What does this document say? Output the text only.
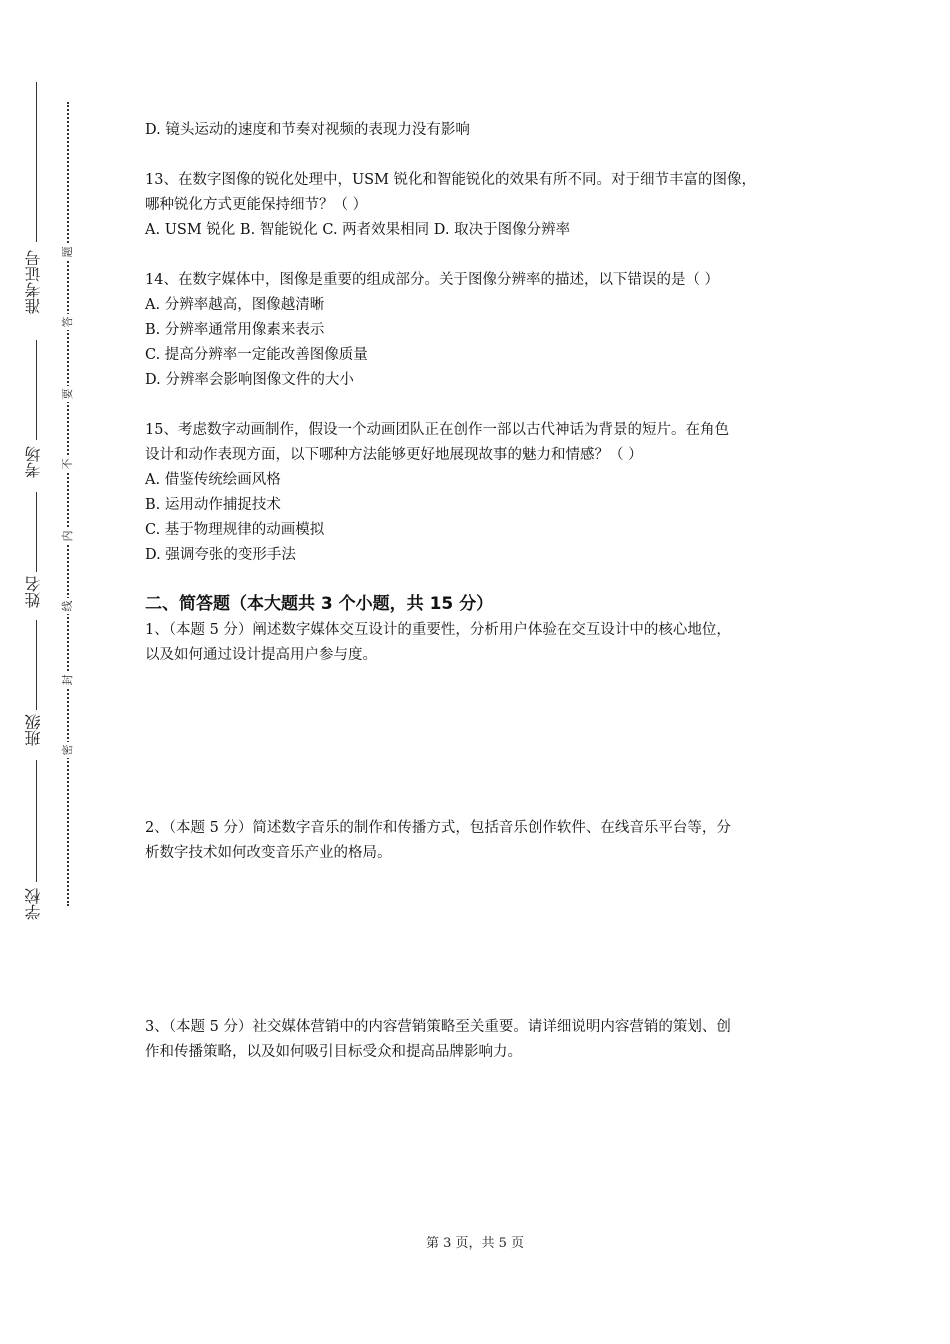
准考证号
考场
姓名
班级
学校
题
答
要
不
内
线
封
密
D. 镜头运动的速度和节奏对视频的表现力没有影响
13、在数字图像的锐化处理中，USM 锐化和智能锐化的效果有所不同。对于细节丰富的图像，
哪种锐化方式更能保持细节？（ ）
A. USM 锐化 B. 智能锐化 C. 两者效果相同 D. 取决于图像分辨率
14、在数字媒体中，图像是重要的组成部分。关于图像分辨率的描述，以下错误的是（ ）
A. 分辨率越高，图像越清晰
B. 分辨率通常用像素来表示
C. 提高分辨率一定能改善图像质量
D. 分辨率会影响图像文件的大小
15、考虑数字动画制作，假设一个动画团队正在创作一部以古代神话为背景的短片。在角色
设计和动作表现方面，以下哪种方法能够更好地展现故事的魅力和情感？（ ）
A. 借鉴传统绘画风格
B. 运用动作捕捉技术
C. 基于物理规律的动画模拟
D. 强调夸张的变形手法
二、简答题（本大题共 3 个小题，共 15 分）
1、（本题 5 分）阐述数字媒体交互设计的重要性，分析用户体验在交互设计中的核心地位，
以及如何通过设计提高用户参与度。
2、（本题 5 分）简述数字音乐的制作和传播方式，包括音乐创作软件、在线音乐平台等，分
析数字技术如何改变音乐产业的格局。
3、（本题 5 分）社交媒体营销中的内容营销策略至关重要。请详细说明内容营销的策划、创
作和传播策略，以及如何吸引目标受众和提高品牌影响力。
第 3 页，共 5 页
